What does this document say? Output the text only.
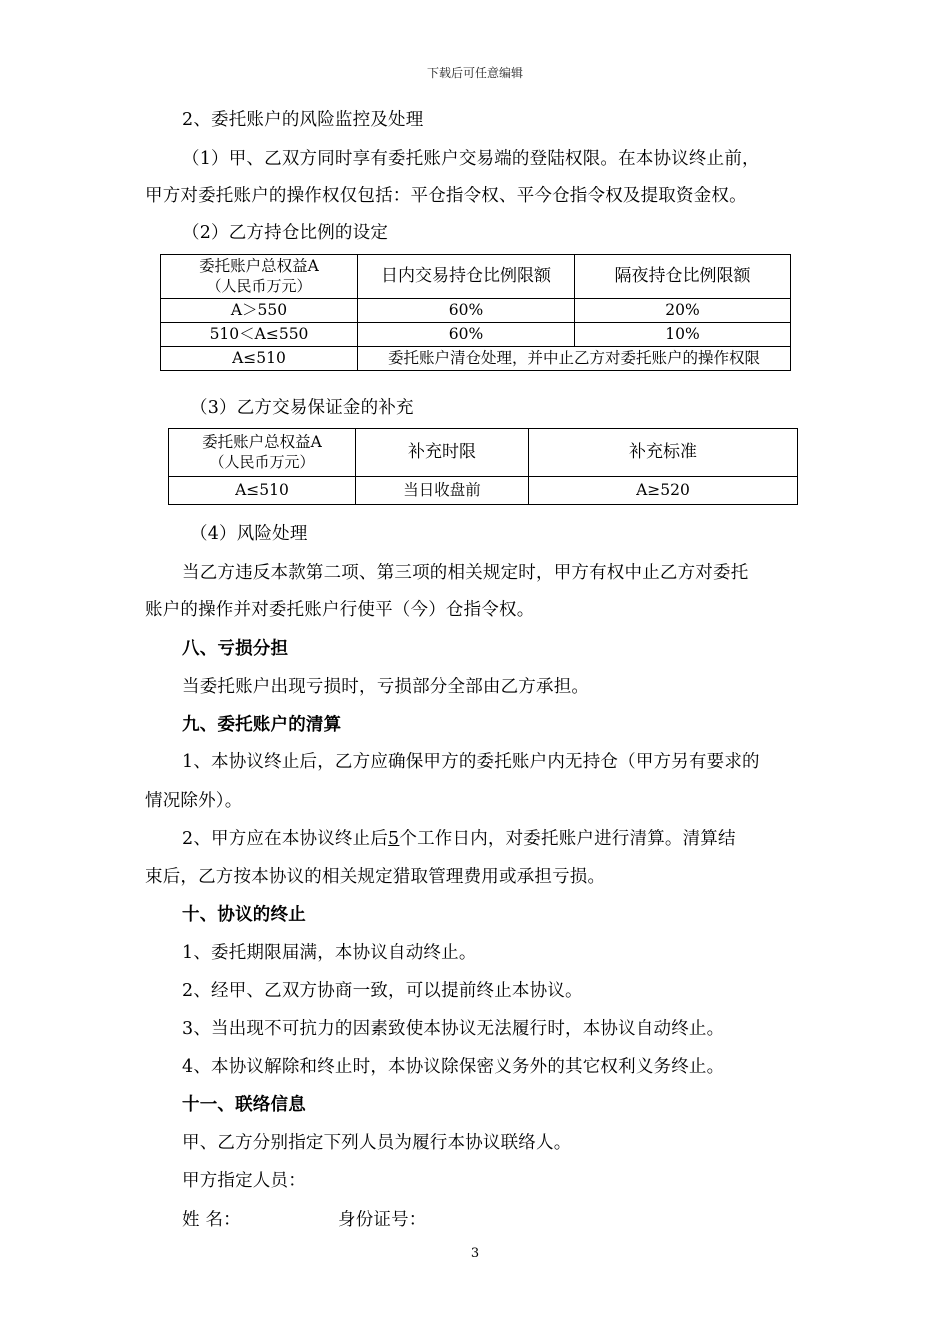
下载后可任意编辑
2、委托账户的风险监控及处理
（1）甲、乙双方同时享有委托账户交易端的登陆权限。在本协议终止前，
甲方对委托账户的操作权仅包括：平仓指令权、平今仓指令权及提取资金权。
（2）乙方持仓比例的设定
委托账户总权益A
（人民币万元）	日内交易持仓比例限额	隔夜持仓比例限额
A＞550	60%	20%
510＜A≤550	60%	10%
A≤510	委托账户清仓处理，并中止乙方对委托账户的操作权限	
（3）乙方交易保证金的补充
委托账户总权益A
（人民币万元）	补充时限	补充标准
A≤510	当日收盘前	A≥520
（4）风险处理
当乙方违反本款第二项、第三项的相关规定时，甲方有权中止乙方对委托
账户的操作并对委托账户行使平（今）仓指令权。
八、亏损分担
当委托账户出现亏损时，亏损部分全部由乙方承担。
九、委托账户的清算
1、本协议终止后，乙方应确保甲方的委托账户内无持仓（甲方另有要求的
情况除外）。
2、甲方应在本协议终止后5个工作日内，对委托账户进行清算。清算结
束后，乙方按本协议的相关规定猎取管理费用或承担亏损。
十、协议的终止
1、委托期限届满，本协议自动终止。
2、经甲、乙双方协商一致，可以提前终止本协议。
3、当出现不可抗力的因素致使本协议无法履行时，本协议自动终止。
4、本协议解除和终止时，本协议除保密义务外的其它权利义务终止。
十一、联络信息
甲、乙方分别指定下列人员为履行本协议联络人。
甲方指定人员：
姓 名：	身份证号：
3
